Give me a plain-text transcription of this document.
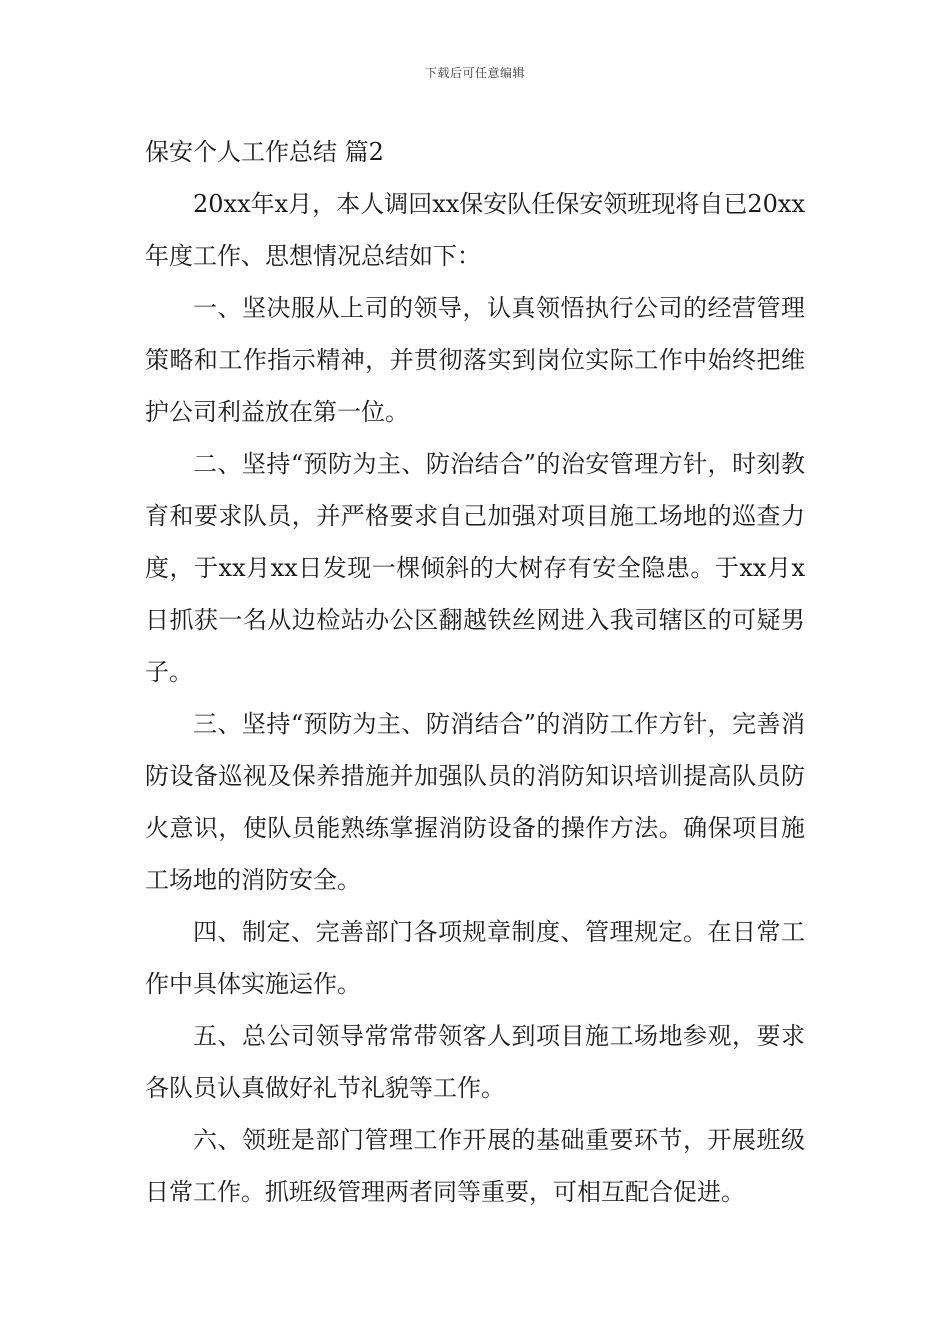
下载后可任意编辑
保安个人工作总结 篇2

20xx年x月，本人调回xx保安队任保安领班现将自已20xx年度工作、思想情况总结如下：

一、坚决服从上司的领导，认真领悟执行公司的经营管理策略和工作指示精神，并贯彻落实到岗位实际工作中始终把维护公司利益放在第一位。

二、坚持“预防为主、防治结合”的治安管理方针，时刻教育和要求队员，并严格要求自己加强对项目施工场地的巡查力度，于xx月xx日发现一棵倾斜的大树存有安全隐患。于xx月x日抓获一名从边检站办公区翻越铁丝网进入我司辖区的可疑男子。

三、坚持“预防为主、防消结合”的消防工作方针，完善消防设备巡视及保养措施并加强队员的消防知识培训提高队员防火意识，使队员能熟练掌握消防设备的操作方法。确保项目施工场地的消防安全。

四、制定、完善部门各项规章制度、管理规定。在日常工作中具体实施运作。

五、总公司领导常常带领客人到项目施工场地参观，要求各队员认真做好礼节礼貌等工作。

六、领班是部门管理工作开展的基础重要环节，开展班级日常工作。抓班级管理两者同等重要，可相互配合促进。
